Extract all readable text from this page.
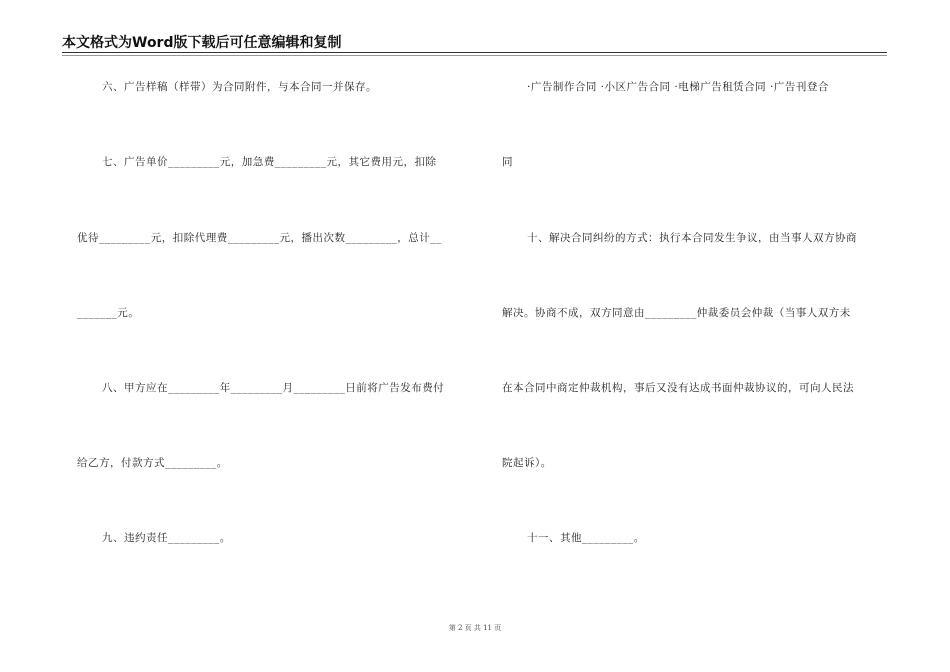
本文格式为Word版下载后可任意编辑和复制
六、广告样稿（样带）为合同附件，与本合同一并保存。
七、广告单价_________元，加急费_________元，其它费用元，扣除
优待_________元，扣除代理费_________元，播出次数_________，总计__
_______元。
八、甲方应在_________年_________月_________日前将广告发布费付
给乙方，付款方式_________。
九、违约责任_________。
·广告制作合同 ·小区广告合同 ·电梯广告租赁合同 ·广告刊登合
同
十、解决合同纠纷的方式：执行本合同发生争议，由当事人双方协商
解决。协商不成，双方同意由_________仲裁委员会仲裁（当事人双方未
在本合同中商定仲裁机构，事后又没有达成书面仲裁协议的，可向人民法
院起诉）。
十一、其他_________。
第 2 页 共 11 页
